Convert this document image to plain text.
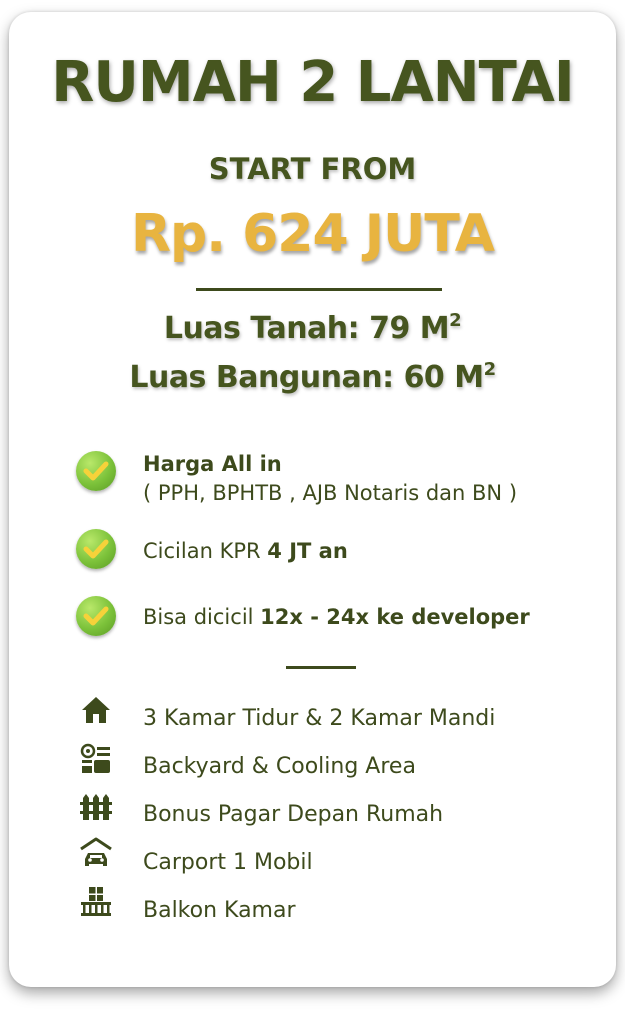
RUMAH 2 LANTAI
START FROM
Rp. 624 JUTA
Luas Tanah: 79 $M^2$
Luas Bangunan: 60 $M^2$
Harga All in
( PPH, BPHTB , AJB Notaris dan BN )
Cicilan KPR 4 JT an
Bisa dicicil 12x - 24x ke developer
3 Kamar Tidur & 2 Kamar Mandi
Backyard & Cooling Area
Bonus Pagar Depan Rumah
Carport 1 Mobil
Balkon Kamar
